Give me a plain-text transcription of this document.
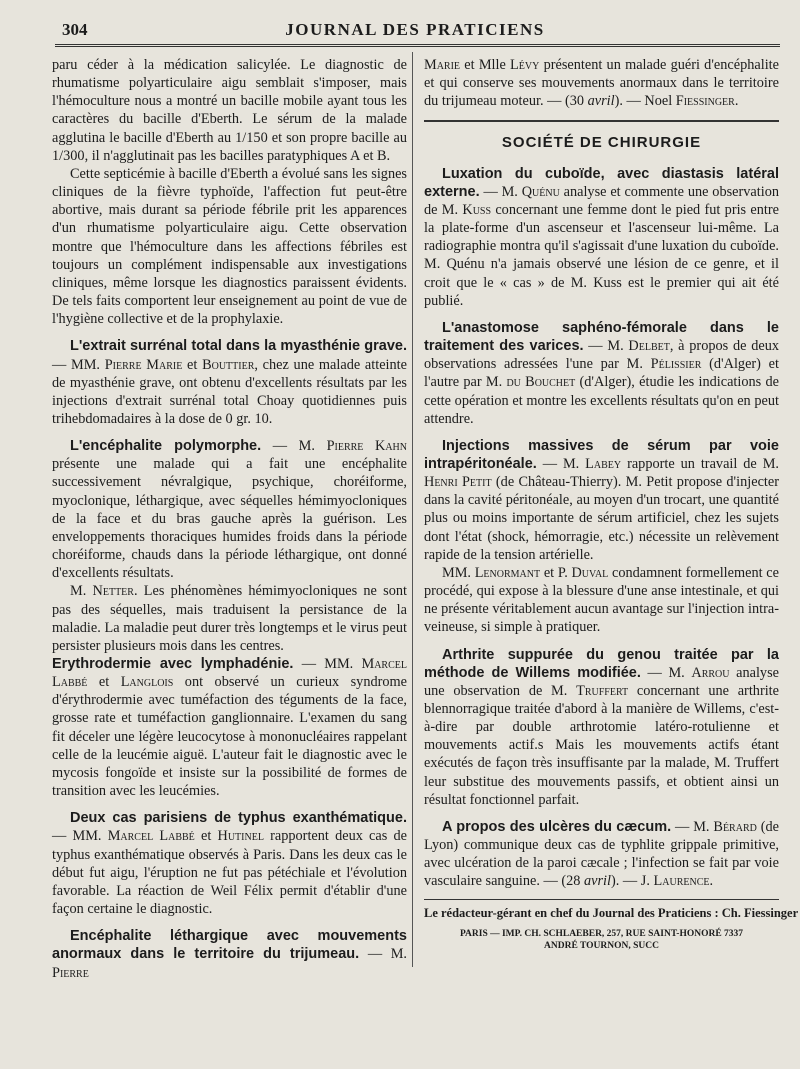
304	JOURNAL DES PRATICIENS

paru céder à la médication salicylée. Le diagnostic de rhumatisme polyarticulaire aigu semblait s'imposer, mais l'hémoculture nous a montré un bacille mobile ayant tous les caractères du bacille d'Eberth. Le sérum de la malade agglutina le bacille d'Eberth au 1/150 et son propre bacille au 1/300, il n'agglutinait pas les bacilles paratyphiques A et B.

Cette septicémie à bacille d'Eberth a évolué sans les signes cliniques de la fièvre typhoïde, l'affection fut peut-être abortive, mais durant sa période fébrile prit les apparences d'un rhumatisme polyarticulaire aigu. Cette observation montre que l'hémoculture dans les affections fébriles est toujours un complément indispensable aux investigations cliniques, même lorsque les diagnostics paraissent évidents. De tels faits comportent leur enseignement au point de vue de l'hygiène collective et de la prophylaxie.

L'extrait surrénal total dans la myasthénie grave. — MM. Pierre Marie et Bouttier, chez une malade atteinte de myasthénie grave, ont obtenu d'excellents résultats par les injections d'extrait surrénal total Choay quotidiennes puis trihebdomadaires à la dose de 0 gr. 10.

L'encéphalite polymorphe. — M. Pierre Kahn présente une malade qui a fait une encéphalite successivement névralgique, psychique, choréiforme, myoclonique, léthargique, avec séquelles hémimyocloniques de la face et du bras gauche après la guérison. Les enveloppements thoraciques humides froids dans la période choréiforme, chauds dans la période léthargique, ont donné d'excellents résultats.

M. Netter. Les phénomènes hémimyocloniques ne sont pas des séquelles, mais traduisent la persistance de la maladie. La maladie peut durer très longtemps et le virus peut persister plusieurs mois dans les centres.

Erythrodermie avec lymphadénie. — MM. Marcel Labbé et Langlois ont observé un curieux syndrome d'érythrodermie avec tuméfaction des téguments de la face, grosse rate et tuméfaction ganglionnaire. L'examen du sang fit déceler une légère leucocytose à mononucléaires rappelant celle de la leucémie aiguë. L'auteur fait le diagnostic avec le mycosis fongoïde et insiste sur la possibilité de formes de transition avec les leucémies.

Deux cas parisiens de typhus exanthématique. — MM. Marcel Labbé et Hutinel rapportent deux cas de typhus exanthématique observés à Paris. Dans les deux cas le début fut aigu, l'éruption ne fut pas pétéchiale et l'évolution favorable. La réaction de Weil Félix permit d'établir d'une façon certaine le diagnostic.

Encéphalite léthargique avec mouvements anormaux dans le territoire du trijumeau. — M. Pierre

Marie et Mlle Lévy présentent un malade guéri d'encéphalite et qui conserve ses mouvements anormaux dans le territoire du trijumeau moteur. — (30 avril). — Noel Fiessinger.

SOCIÉTÉ DE CHIRURGIE

Luxation du cuboïde, avec diastasis latéral externe. — M. Quénu analyse et commente une observation de M. Kuss concernant une femme dont le pied fut pris entre la plate-forme d'un ascenseur et l'ascenseur lui-même. La radiographie montra qu'il s'agissait d'une luxation du cuboïde. M. Quénu n'a jamais observé une lésion de ce genre, et il croit que le « cas » de M. Kuss est le premier qui ait été publié.

L'anastomose saphéno-fémorale dans le traitement des varices. — M. Delbet, à propos de deux observations adressées l'une par M. Pélissier (d'Alger) et l'autre par M. du Bouchet (d'Alger), étudie les indications de cette opération et montre les excellents résultats qu'on en peut attendre.

Injections massives de sérum par voie intrapéritonéale. — M. Labey rapporte un travail de M. Henri Petit (de Château-Thierry). M. Petit propose d'injecter dans la cavité péritonéale, au moyen d'un trocart, une quantité plus ou moins importante de sérum artificiel, chez les sujets dont l'état (shock, hémorragie, etc.) nécessite un relèvement rapide de la tension artérielle.

MM. Lenormant et P. Duval condamnent formellement ce procédé, qui expose à la blessure d'une anse intestinale, et qui ne présente véritablement aucun avantage sur l'injection intra-veineuse, si simple à pratiquer.

Arthrite suppurée du genou traitée par la méthode de Willems modifiée. — M. Arrou analyse une observation de M. Truffert concernant une arthrite blennorragique traitée d'abord à la manière de Willems, c'est-à-dire par double arthrotomie latéro-rotulienne et mouvements actif.s Mais les mouvements actifs étant exécutés de façon très insuffisante par la malade, M. Truffert leur substitue des mouvements passifs, et obtient ainsi un résultat fonctionnel parfait.

A propos des ulcères du cæcum. — M. Bérard (de Lyon) communique deux cas de typhlite grippale primitive, avec ulcération de la paroi cæcale ; l'infection se fait par voie vasculaire sanguine. — (28 avril). — J. Laurence.

Le rédacteur-gérant en chef du Journal des Praticiens : Ch. Fiessinger
PARIS — IMP. CH. SCHLAEBER, 257, RUE SAINT-HONORÉ 7337
ANDRÉ TOURNON, SUCC
